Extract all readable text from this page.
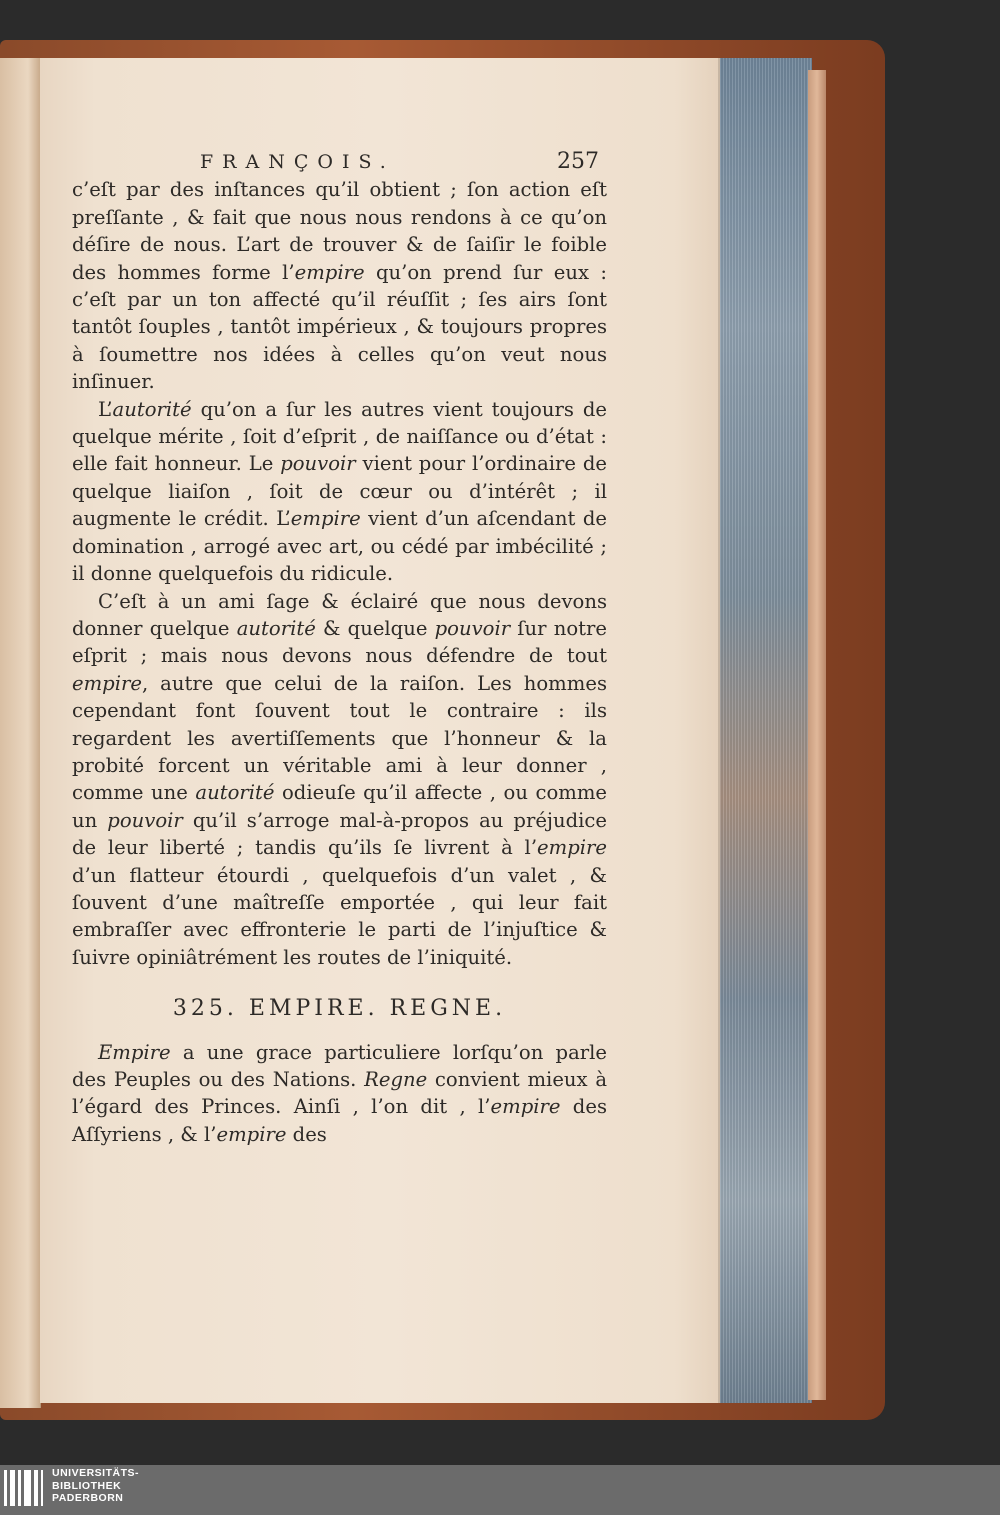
FRANÇOIS.	257

c’eſt par des inſtances qu’il obtient ; ſon action eſt preſſante , & fait que nous nous rendons à ce qu’on déſire de nous. L’art de trouver & de ſaiſir le foible des hommes forme l’empire qu’on prend ſur eux : c’eſt par un ton affecté qu’il réuſſit ; ſes airs ſont tantôt ſouples , tantôt impérieux , & toujours propres à ſoumettre nos idées à celles qu’on veut nous inſinuer.

L’autorité qu’on a ſur les autres vient toujours de quelque mérite , ſoit d’eſprit , de naiſſance ou d’état : elle fait honneur. Le pouvoir vient pour l’ordinaire de quelque liaiſon , ſoit de cœur ou d’intérêt ; il augmente le crédit. L’empire vient d’un aſcendant de domination , arrogé avec art, ou cédé par imbécilité ; il donne quelquefois du ridicule.

C’eſt à un ami ſage & éclairé que nous devons donner quelque autorité & quelque pouvoir ſur notre eſprit ; mais nous devons nous défendre de tout empire, autre que celui de la raiſon. Les hommes cependant font ſouvent tout le contraire : ils regardent les avertiſſements que l’honneur & la probité forcent un véritable ami à leur donner , comme une autorité odieuſe qu’il affecte , ou comme un pouvoir qu’il s’arroge mal-à-propos au préjudice de leur liberté ; tandis qu’ils ſe livrent à l’empire d’un flatteur étourdi , quelquefois d’un valet , & ſouvent d’une maîtreſſe emportée , qui leur fait embraſſer avec effronterie le parti de l’injuſtice & ſuivre opiniâtrément les routes de l’iniquité.

325. EMPIRE. REGNE.

Empire a une grace particuliere lorſqu’on parle des Peuples ou des Nations. Regne convient mieux à l’égard des Princes. Ainſi , l’on dit , l’empire des Aſſyriens , & l’empire des

UNIVERSITÄTS-
BIBLIOTHEK
PADERBORN
